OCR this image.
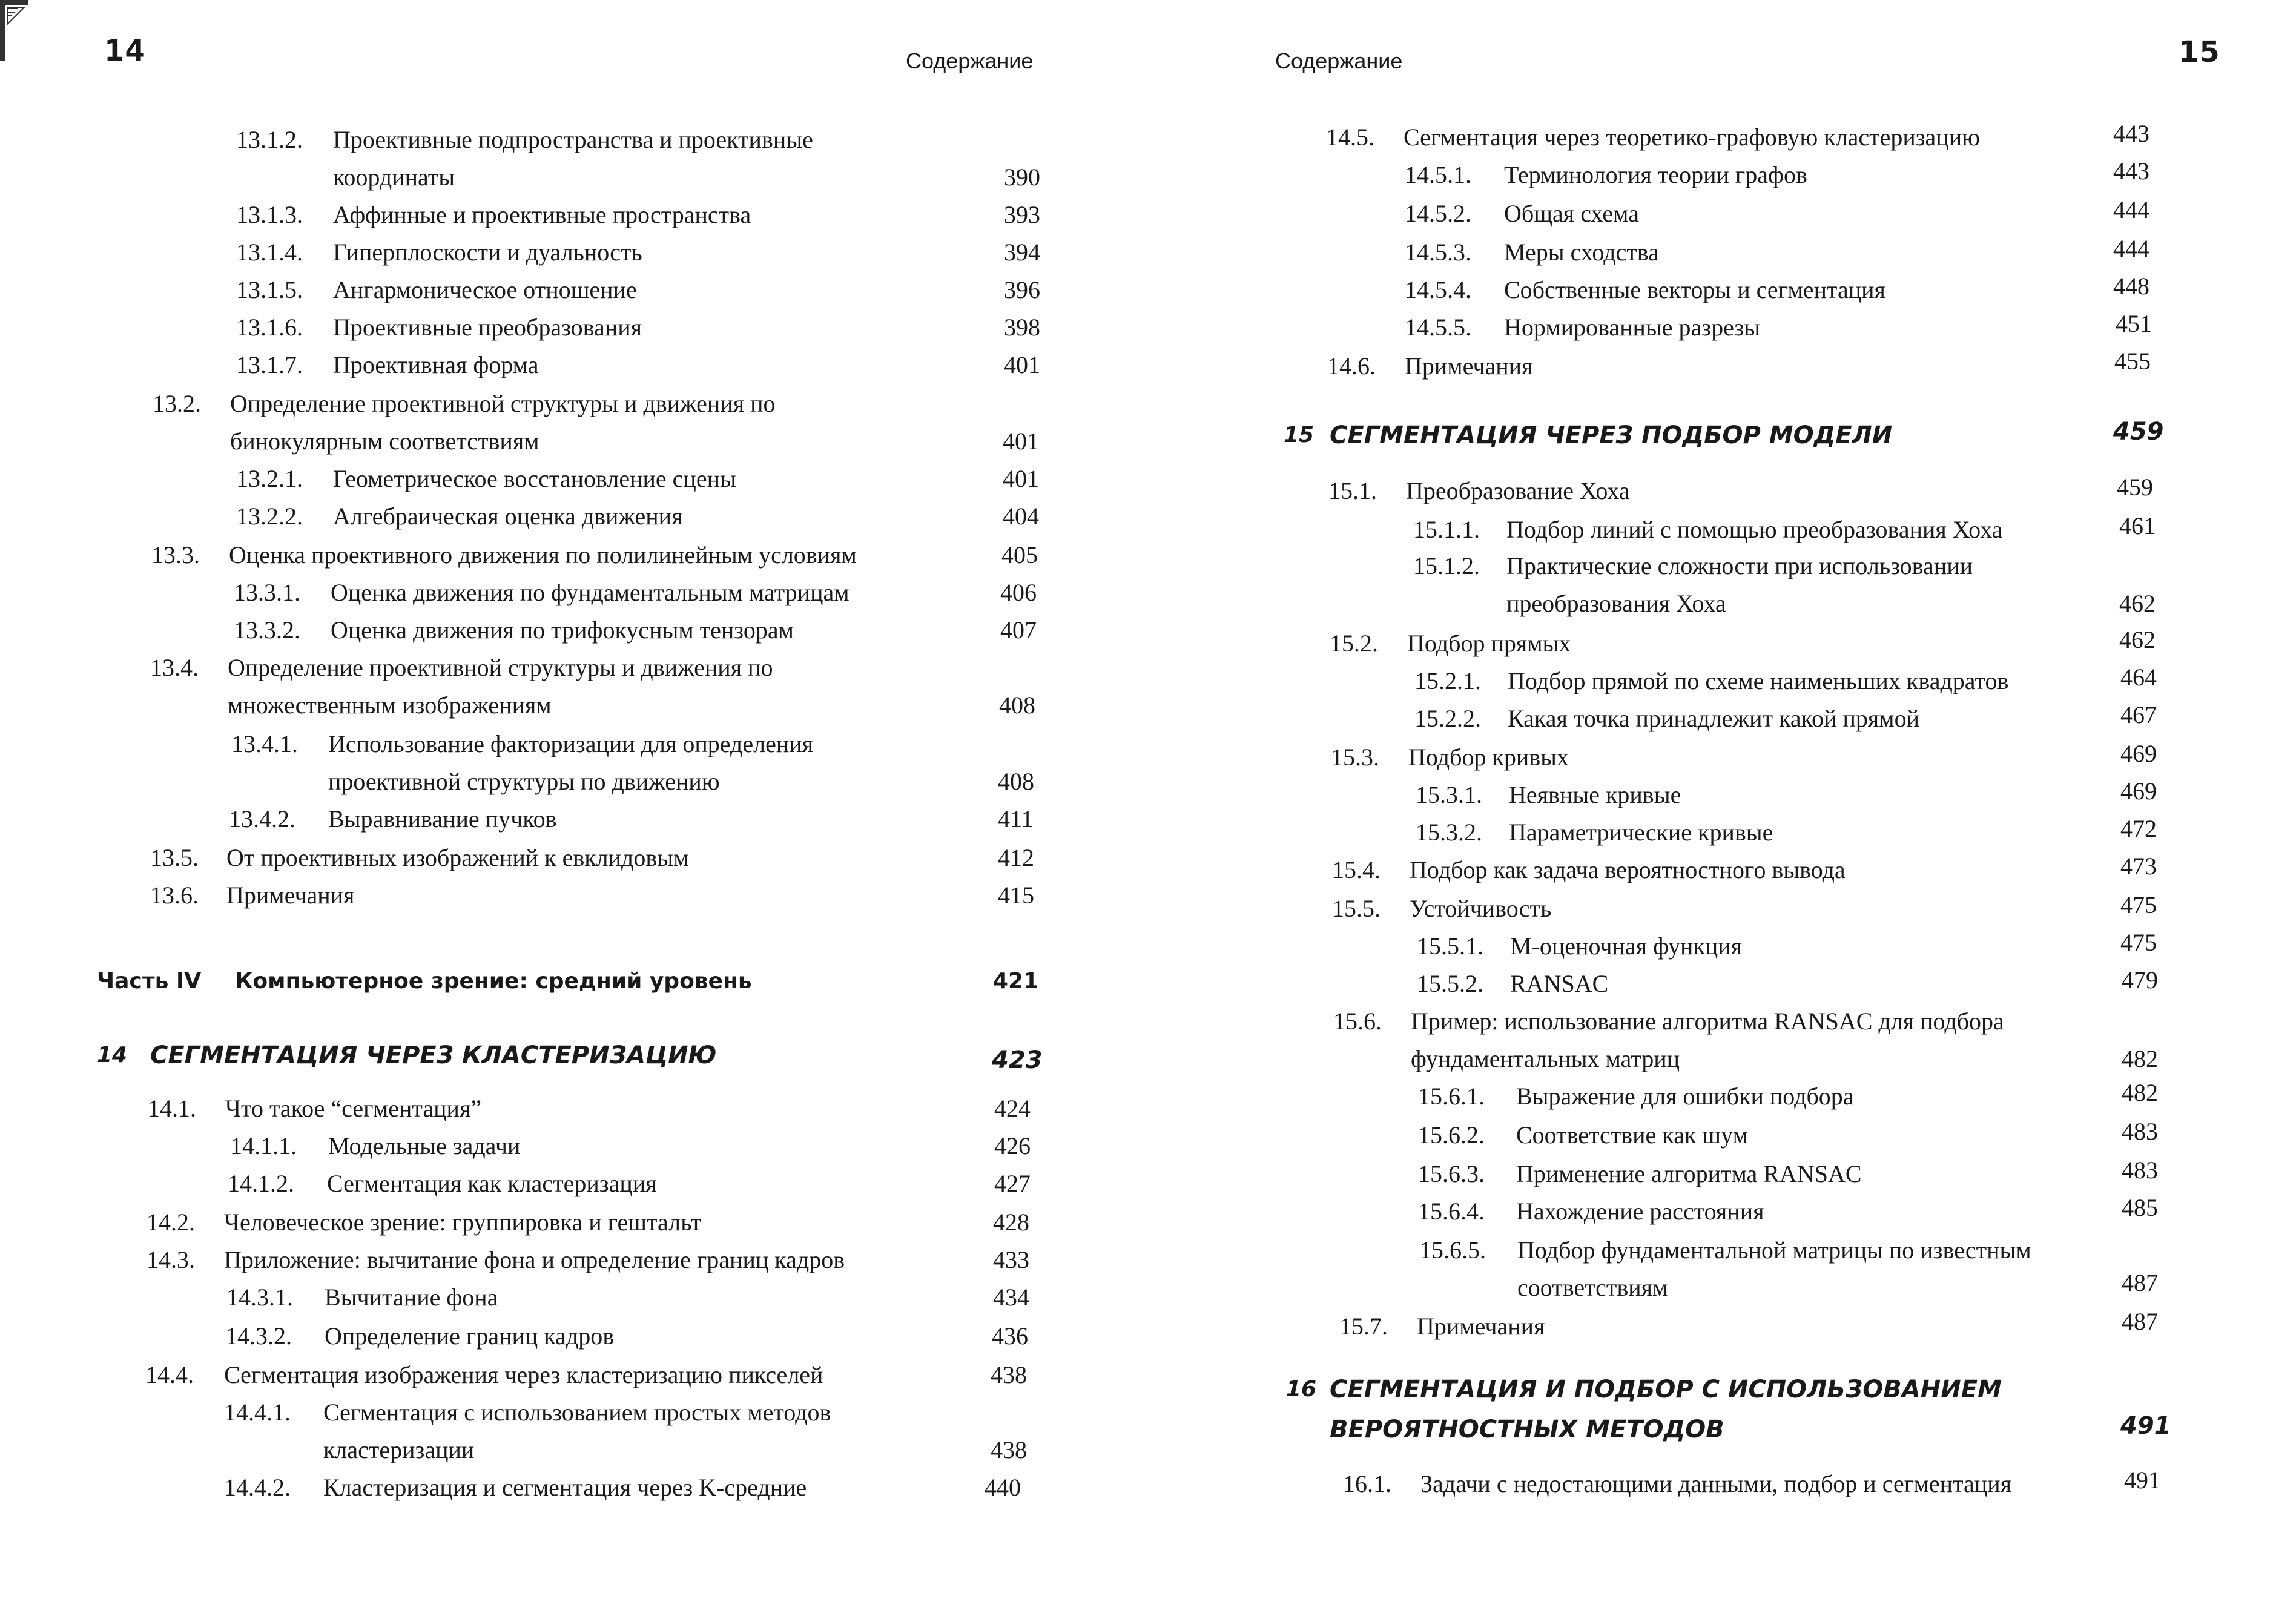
14	Содержание
13.1.2. Проективные подпространства и проективные
координаты	390
13.1.3. Аффинные и проективные пространства	393
13.1.4. Гиперплоскости и дуальность	394
13.1.5. Ангармоническое отношение	396
13.1.6. Проективные преобразования	398
13.1.7. Проективная форма	401
13.2. Определение проективной структуры и движения по
бинокулярным соответствиям	401
13.2.1. Геометрическое восстановление сцены	401
13.2.2. Алгебраическая оценка движения	404
13.3. Оценка проективного движения по полилинейным условиям	405
13.3.1. Оценка движения по фундаментальным матрицам	406
13.3.2. Оценка движения по трифокусным тензорам	407
13.4. Определение проективной структуры и движения по
множественным изображениям	408
13.4.1. Использование факторизации для определения
проективной структуры по движению	408
13.4.2. Выравнивание пучков	411
13.5. От проективных изображений к евклидовым	412
13.6. Примечания	415
Часть IV Компьютерное зрение: средний уровень	421
14 СЕГМЕНТАЦИЯ ЧЕРЕЗ КЛАСТЕРИЗАЦИЮ	423
14.1. Что такое “сегментация”	424
14.1.1. Модельные задачи	426
14.1.2. Сегментация как кластеризация	427
14.2. Человеческое зрение: группировка и гештальт	428
14.3. Приложение: вычитание фона и определение границ кадров	433
14.3.1. Вычитание фона	434
14.3.2. Определение границ кадров	436
14.4. Сегментация изображения через кластеризацию пикселей	438
14.4.1. Сегментация с использованием простых методов
кластеризации	438
14.4.2. Кластеризация и сегментация через K-средние	440
Содержание	15
14.5. Сегментация через теоретико-графовую кластеризацию	443
14.5.1. Терминология теории графов	443
14.5.2. Общая схема	444
14.5.3. Меры сходства	444
14.5.4. Собственные векторы и сегментация	448
14.5.5. Нормированные разрезы	451
14.6. Примечания	455
15 СЕГМЕНТАЦИЯ ЧЕРЕЗ ПОДБОР МОДЕЛИ	459
15.1. Преобразование Хоха	459
15.1.1. Подбор линий с помощью преобразования Хоха	461
15.1.2. Практические сложности при использовании
преобразования Хоха	462
15.2. Подбор прямых	462
15.2.1. Подбор прямой по схеме наименьших квадратов	464
15.2.2. Какая точка принадлежит какой прямой	467
15.3. Подбор кривых	469
15.3.1. Неявные кривые	469
15.3.2. Параметрические кривые	472
15.4. Подбор как задача вероятностного вывода	473
15.5. Устойчивость	475
15.5.1. М-оценочная функция	475
15.5.2. RANSAC	479
15.6. Пример: использование алгоритма RANSAC для подбора
фундаментальных матриц	482
15.6.1. Выражение для ошибки подбора	482
15.6.2. Соответствие как шум	483
15.6.3. Применение алгоритма RANSAC	483
15.6.4. Нахождение расстояния	485
15.6.5. Подбор фундаментальной матрицы по известным
соответствиям	487
15.7. Примечания	487
16 СЕГМЕНТАЦИЯ И ПОДБОР С ИСПОЛЬЗОВАНИЕМ
ВЕРОЯТНОСТНЫХ МЕТОДОВ	491
16.1. Задачи с недостающими данными, подбор и сегментация	491
